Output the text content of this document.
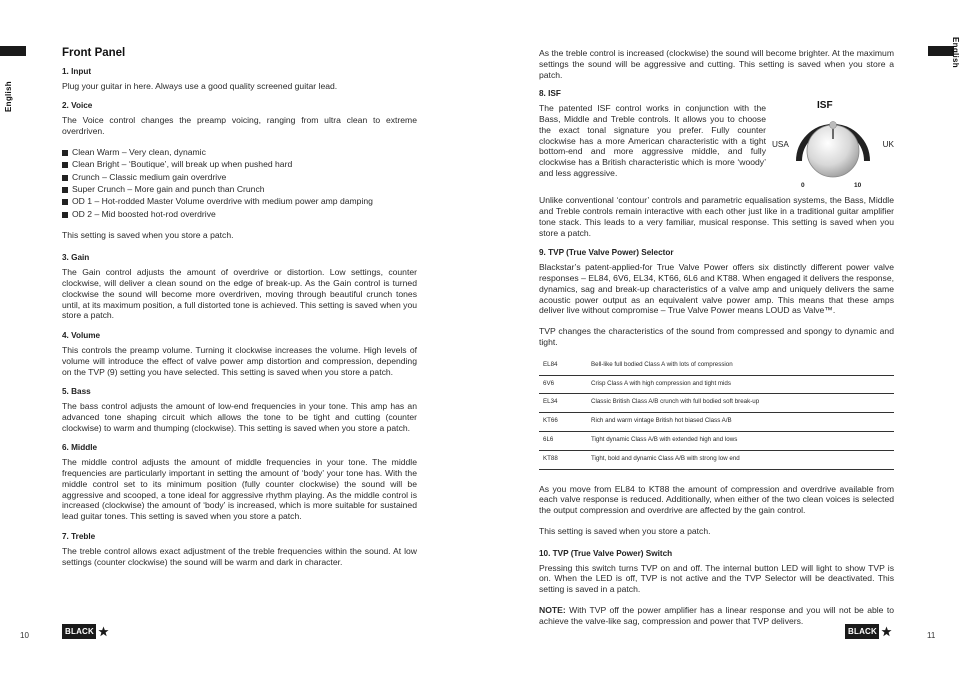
English
Front Panel
1. Input

Plug your guitar in here. Always use a good quality screened guitar lead.

2. Voice

The Voice control changes the preamp voicing, ranging from ultra clean to extreme overdriven.

Clean Warm – Very clean, dynamic
Clean Bright – ‘Boutique’, will break up when pushed hard
Crunch – Classic medium gain overdrive
Super Crunch – More gain and punch than Crunch
OD 1 – Hot-rodded Master Volume overdrive with medium power amp damping
OD 2 – Mid boosted hot-rod overdrive

This setting is saved when you store a patch.

3. Gain

The Gain control adjusts the amount of overdrive or distortion. Low settings, counter clockwise, will deliver a clean sound on the edge of break-up. As the Gain control is turned clockwise the sound will become more overdriven, moving through beautiful crunch tones until, at its maximum position, a full distorted tone is achieved. This setting is saved when you store a patch.

4. Volume

This controls the preamp volume. Turning it clockwise increases the volume. High levels of volume will introduce the effect of valve power amp distortion and compression, depending on the TVP (9) setting you have selected. This setting is saved when you store a patch.

5. Bass

The bass control adjusts the amount of low-end frequencies in your tone. This amp has an advanced tone shaping circuit which allows the tone to be tight and cutting (counter clockwise) to warm and thumping (clockwise). This setting is saved when you store a patch.

6. Middle

The middle control adjusts the amount of middle frequencies in your tone. The middle frequencies are particularly important in setting the amount of ‘body’ your tone has. With the middle control set to its minimum position (fully counter clockwise) the sound will be aggressive and scooped, a tone ideal for aggressive rhythm playing. As the middle control is increased (clockwise) the amount of ‘body’ is increased, which is more suitable for sustained lead guitar tones. This setting is saved when you store a patch.

7. Treble

The treble control allows exact adjustment of the treble frequencies within the sound. At low settings (counter clockwise) the sound will be warm and dark in character.

10	BLACK
English

As the treble control is increased (clockwise) the sound will become brighter. At the maximum settings the sound will be aggressive and cutting. This setting is saved when you store a patch.

8. ISF

The patented ISF control works in conjunction with the Bass, Middle and Treble controls. It allows you to choose the exact tonal signature you prefer. Fully counter clockwise has a more American characteristic with a tight bottom-end and more aggressive middle, and fully clockwise has a British characteristic which is more ‘woody’ and less aggressive.

ISF
USA	UK
0	10

Unlike conventional ‘contour’ controls and parametric equalisation systems, the Bass, Middle and Treble controls remain interactive with each other just like in a traditional guitar amplifier tone stack. This leads to a very familiar, musical response. This setting is saved when you store a patch.

9. TVP (True Valve Power) Selector

Blackstar’s patent-applied-for True Valve Power offers six distinctly different power valve responses – EL84, 6V6, EL34, KT66, 6L6 and KT88. When engaged it delivers the response, dynamics, sag and break-up characteristics of a valve amp and uniquely delivers the same acoustic power output as an equivalent valve power amp. This means that these amps deliver live without compromise – True Valve Power means LOUD as Valve™.

TVP changes the characteristics of the sound from compressed and spongy to dynamic and tight.

EL84	Bell-like full bodied Class A with lots of compression
6V6	Crisp Class A with high compression and tight mids
EL34	Classic British Class A/B crunch with full bodied soft break-up
KT66	Rich and warm vintage British hot biased Class A/B
6L6	Tight dynamic Class A/B with extended high and lows
KT88	Tight, bold and dynamic Class A/B with strong low end

As you move from EL84 to KT88 the amount of compression and overdrive available from each valve response is reduced. Additionally, when either of the two clean voices is selected the output compression and overdrive are affected by the gain control.

This setting is saved when you store a patch.

10. TVP (True Valve Power) Switch

Pressing this switch turns TVP on and off. The internal button LED will light to show TVP is on. When the LED is off, TVP is not active and the TVP Selector will be deactivated. This setting is saved in a patch.

NOTE: With TVP off the power amplifier has a linear response and you will not be able to achieve the valve-like sag, compression and power that TVP delivers.

BLACK	11
